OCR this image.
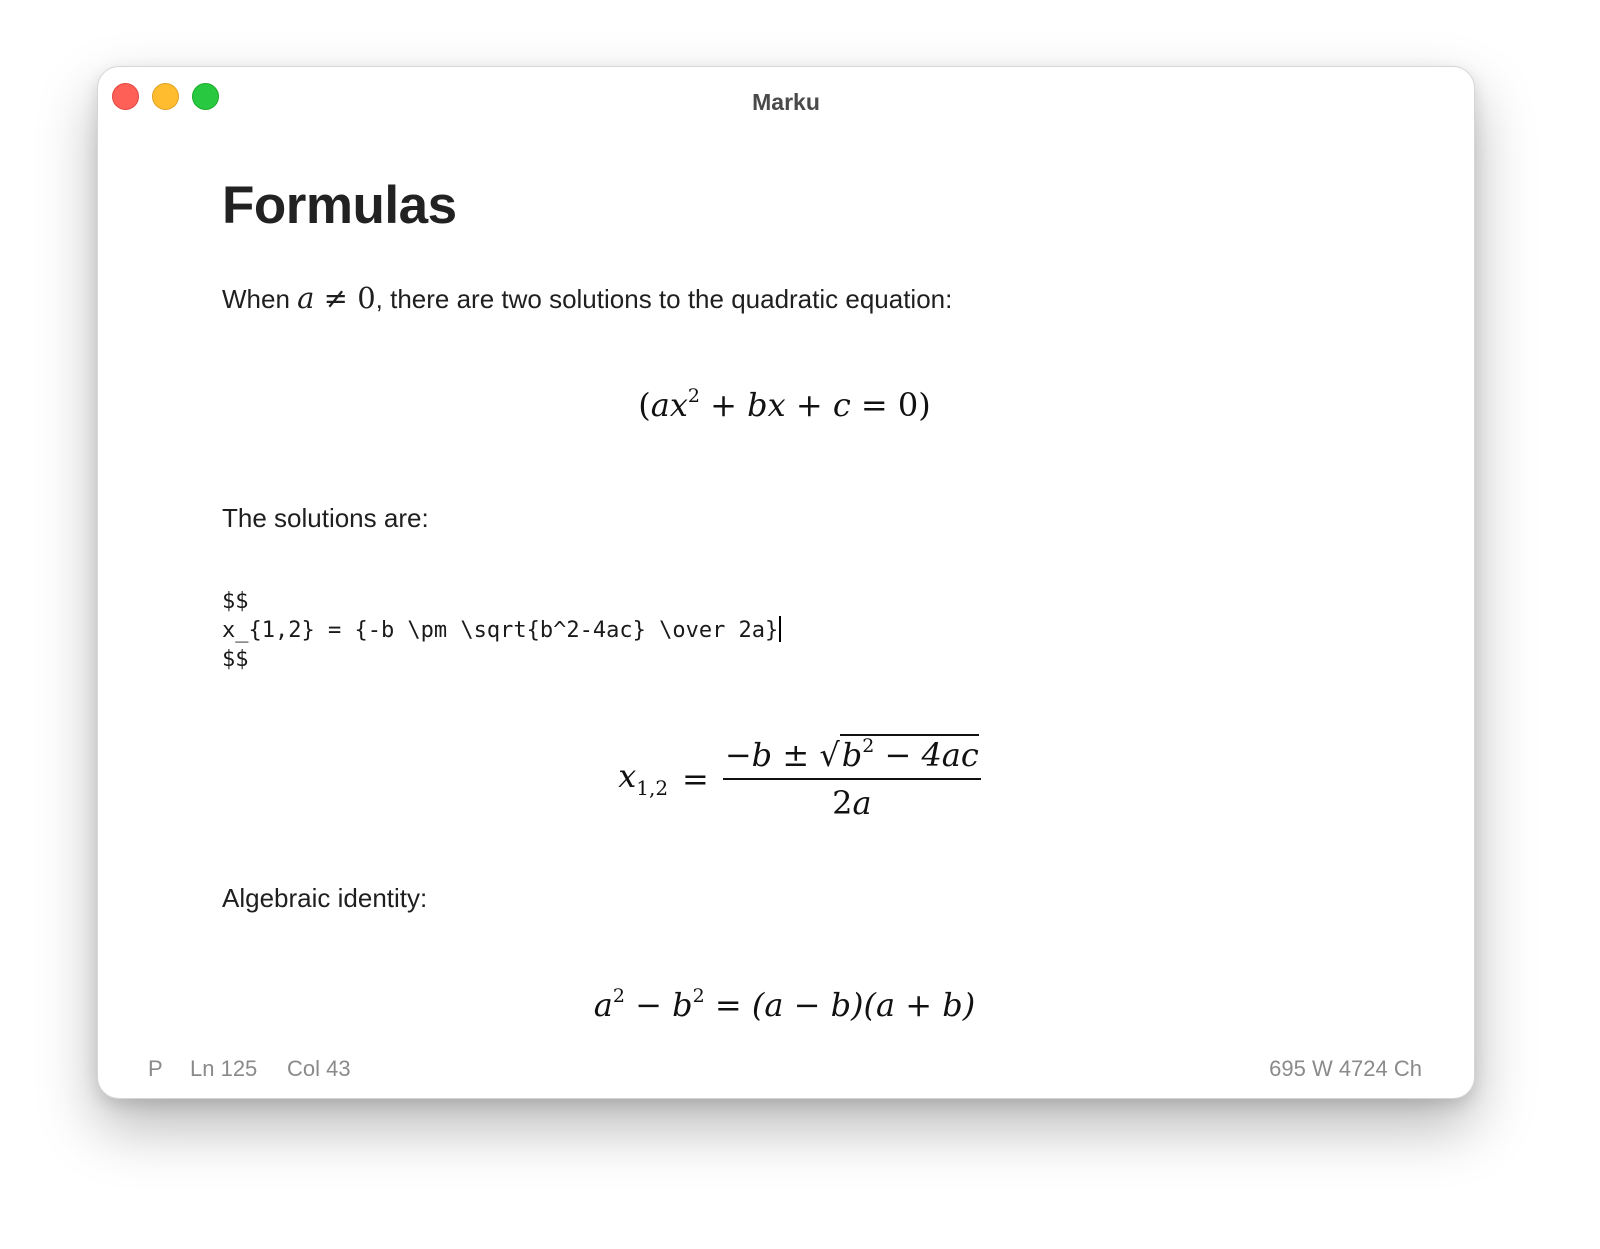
Marku
Formulas
When a ≠ 0, there are two solutions to the quadratic equation:
($ax^2$ + bx + c = 0)
The solutions are:
$$
x_{1,2} = {-b \pm \sqrt{b^2-4ac} \over 2a}
$$
$x_{1,2} = \frac{-b \pm √b^2 - 4ac}{2a}$
Algebraic identity:
$a^2 - b^2 = (a - b)(a + b)$
P Ln 125 Col 43	695 W 4724 Ch
